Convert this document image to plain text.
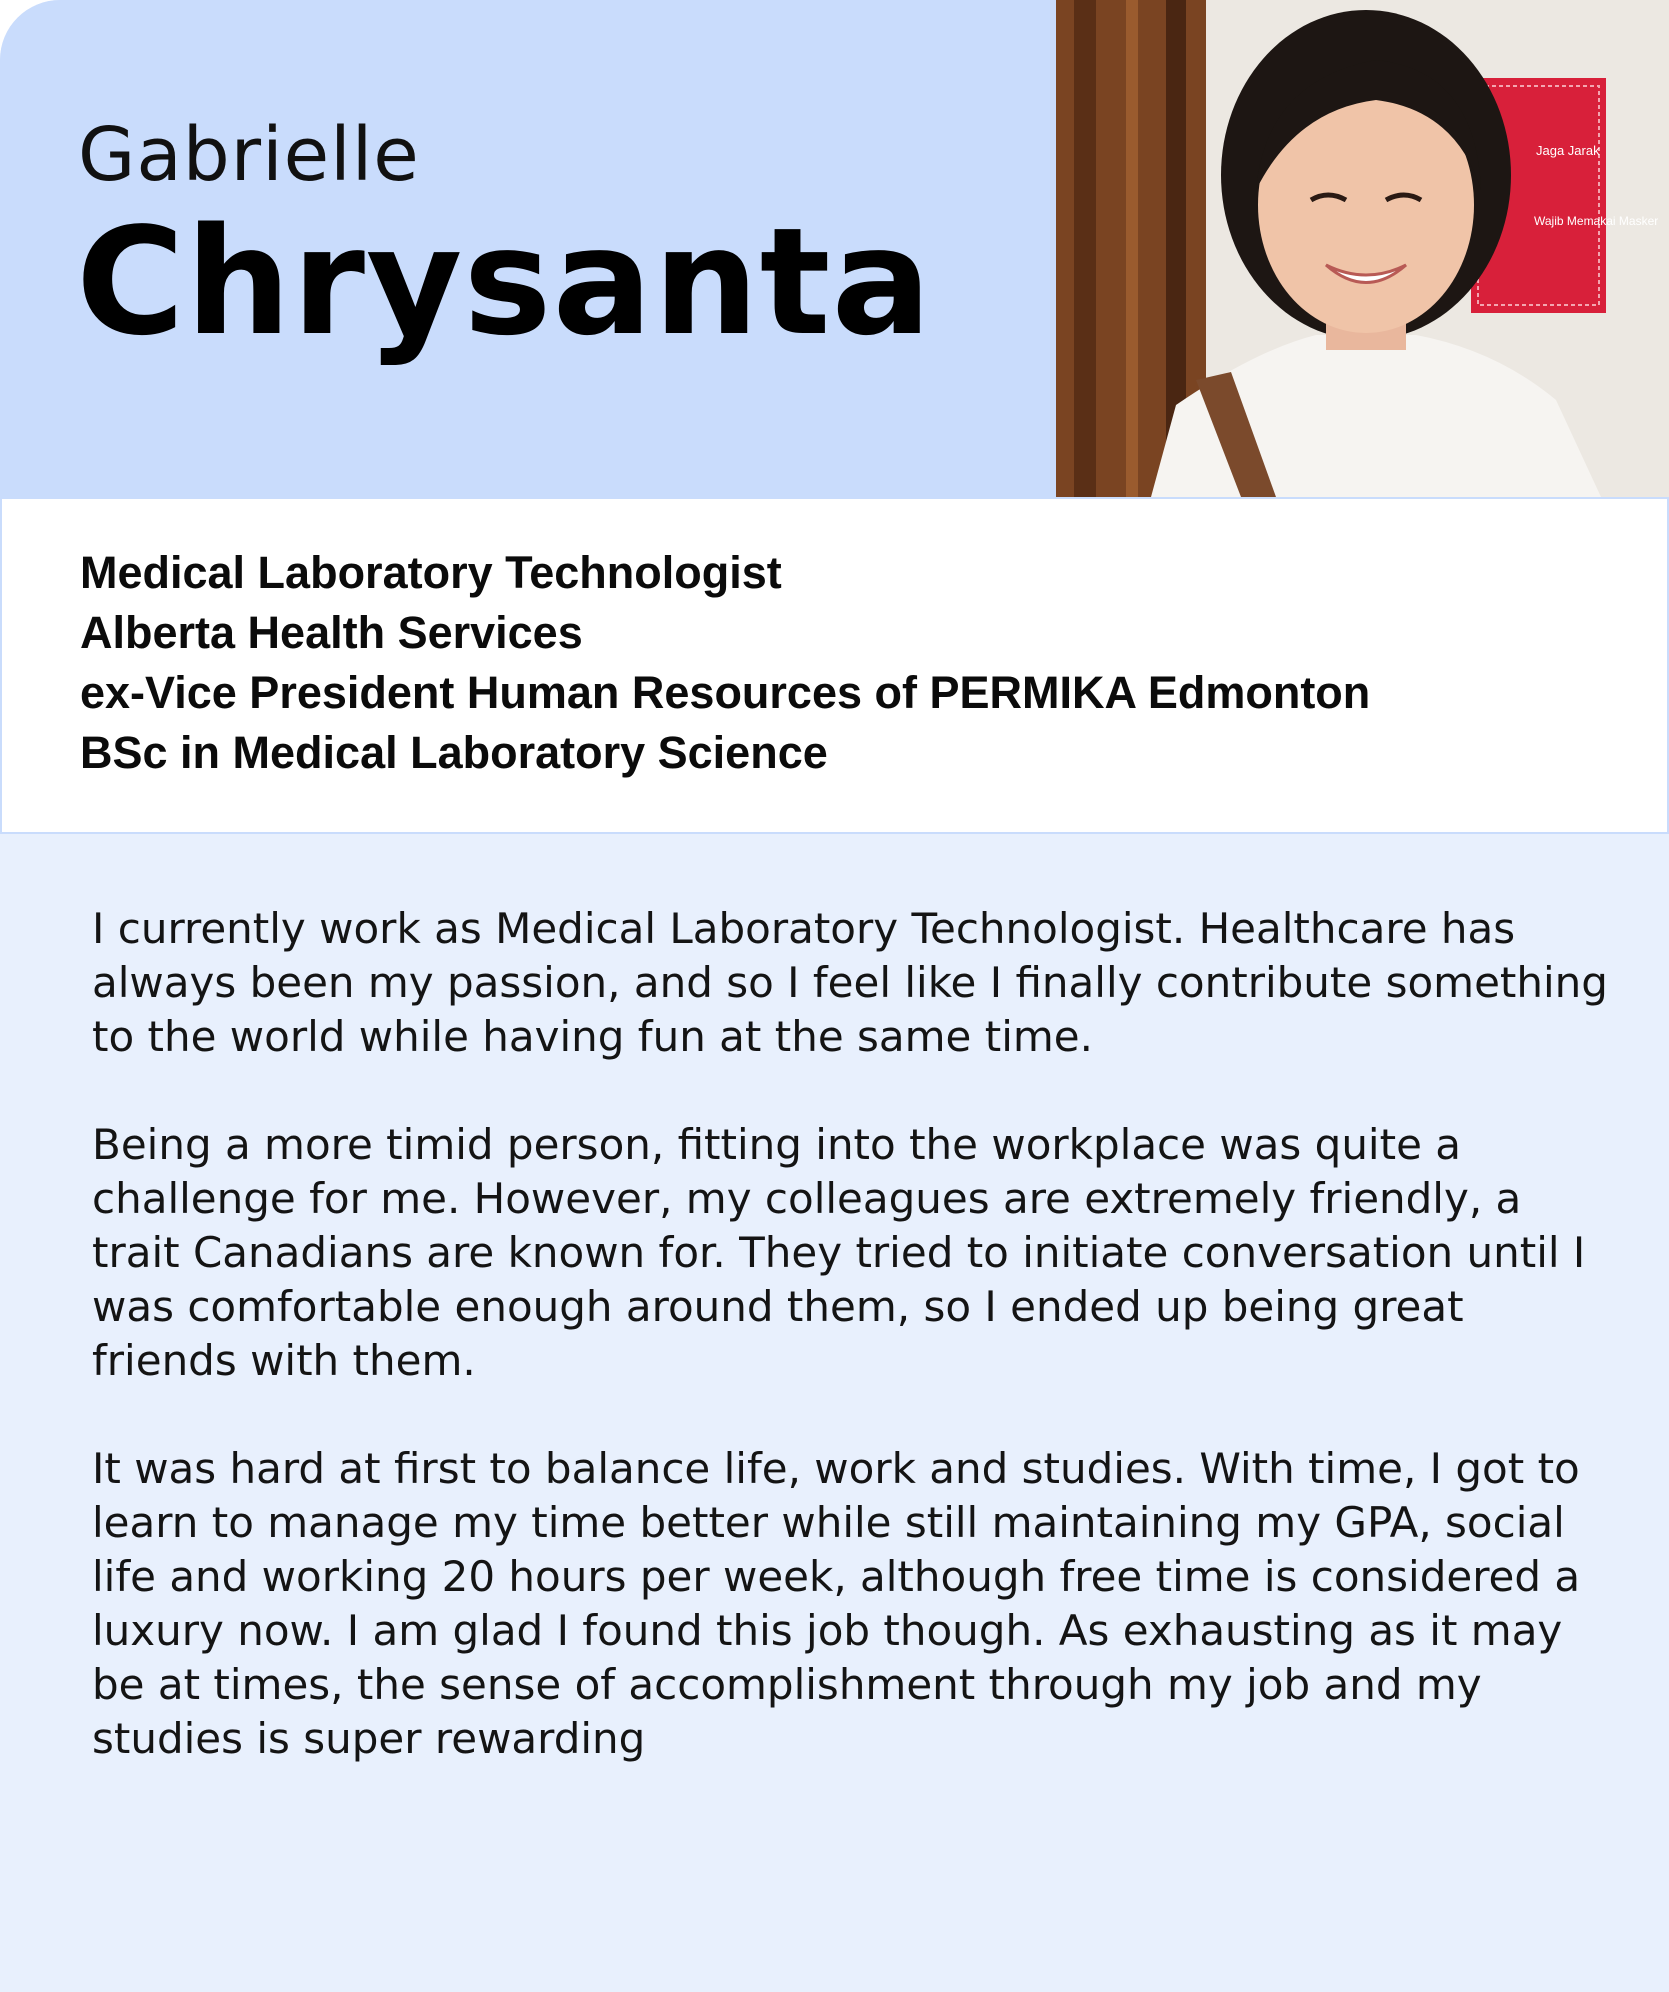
Gabrielle
Chrysanta
Jaga Jarak
Wajib Memakai Masker
Medical Laboratory Technologist
Alberta Health Services
ex-Vice President Human Resources of PERMIKA Edmonton
BSc in Medical Laboratory Science

I currently work as Medical Laboratory Technologist. Healthcare has always been my passion, and so I feel like I finally contribute something to the world while having fun at the same time.

Being a more timid person, fitting into the workplace was quite a challenge for me. However, my colleagues are extremely friendly, a trait Canadians are known for. They tried to initiate conversation until I was comfortable enough around them, so I ended up being great friends with them.

It was hard at first to balance life, work and studies. With time, I got to learn to manage my time better while still maintaining my GPA, social life and working 20 hours per week, although free time is considered a luxury now. I am glad I found this job though. As exhausting as it may be at times, the sense of accomplishment through my job and my studies is super rewarding
